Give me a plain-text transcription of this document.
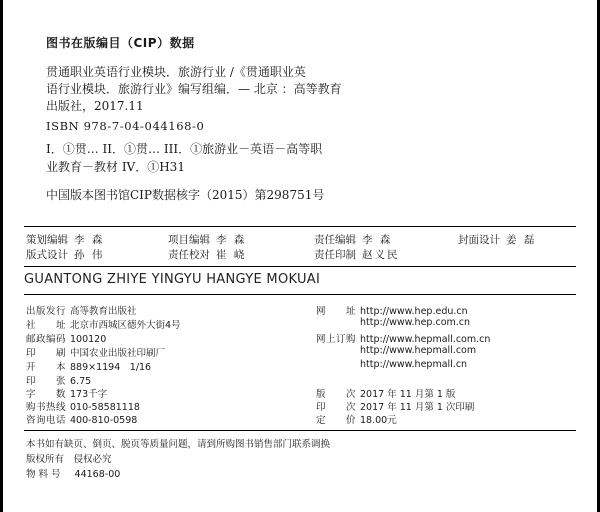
图书在版编目（CIP）数据
贯通职业英语行业模块．旅游行业 /《贯通职业英
语行业模块．旅游行业》编写组编．— 北京 ：高等教育
出版社，2017.11
ISBN 978-7-04-044168-0
I．①贯… II．①贯… III．①旅游业－英语－高等职
业教育－教材 IV．①H31
中国版本图书馆CIP数据核字（2015）第298751号
策划编辑 李 森	项目编辑 李 森	责任编辑 李 森	封面设计 姜 磊
版式设计 孙 伟	责任校对 崔 峣	责任印制 赵义民
GUANTONG ZHIYE YINGYU HANGYE MOKUAI
出版发行 高等教育出版社
社　　址 北京市西城区德外大街4号
邮政编码 100120
印　　刷 中国农业出版社印刷厂
开　　本 889×1194　1/16
印　　张 6.75
字　　数 173千字
购书热线 010-58581118
咨询电话 400-810-0598
网　　址 http://www.hep.edu.cn
http://www.hep.com.cn
网上订购 http://www.hepmall.com.cn
http://www.hepmall.com
http://www.hepmall.cn
版　　次 2017 年 11 月第 1 版
印　　次 2017 年 11 月第 1 次印刷
定　　价 18.00元
本书如有缺页、倒页、脱页等质量问题，请到所购图书销售部门联系调换
版权所有　侵权必究
物 料 号 44168-00
